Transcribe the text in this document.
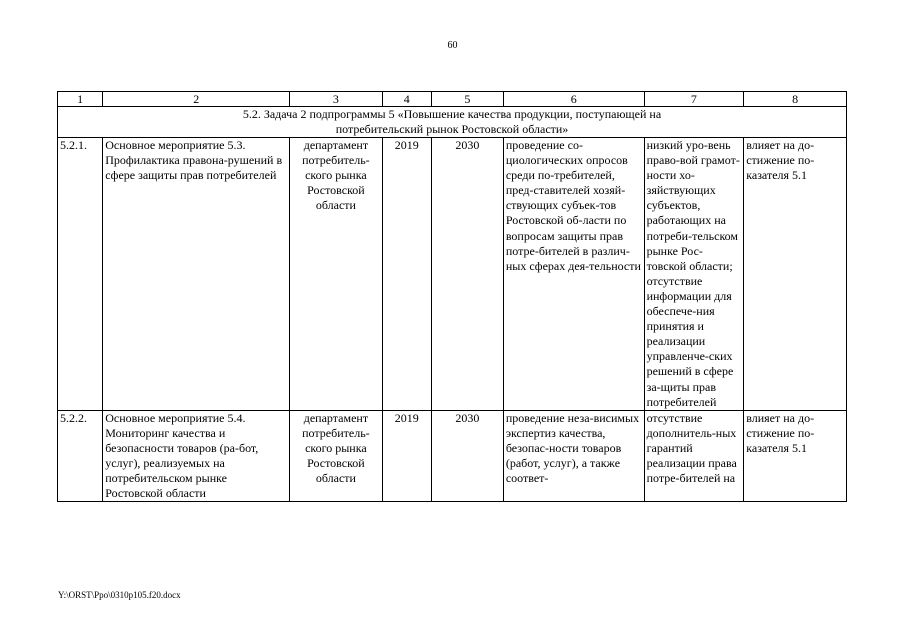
60
1	2	3	4	5	6	7	8

5.2. Задача 2 подпрограммы 5 «Повышение качества продукции, поступающей на потребительский рынок Ростовской области»							

5.2.1.	Основное мероприятие 5.3. Профилактика правона-рушений в сфере защиты прав потребителей	департамент потребитель-ского рынка Ростовской области	2019	2030	проведение со-циологических опросов среди по-требителей, пред-ставителей хозяй-ствующих субъек-тов Ростовской об-ласти по вопросам защиты прав потре-бителей в различ-ных сферах дея-тельности	низкий уро-вень право-вой грамот-ности хо-зяйствующих субъектов, работающих на потреби-тельском рынке Рос-товской области; отсутствие информации для обеспече-ния принятия и реализации управленче-ских решений в сфере за-щиты прав потребителей	влияет на до-стижение по-казателя 5.1
5.2.2.	Основное мероприятие 5.4. Мониторинг качества и безопасности товаров (ра-бот, услуг), реализуемых на потребительском рынке Ростовской области	департамент потребитель-ского рынка Ростовской области	2019	2030	проведение неза-висимых экспертиз качества, безопас-ности товаров (работ, услуг), а также соответ-	отсутствие дополнитель-ных гарантий реализации права потре-бителей на	влияет на до-стижение по-казателя 5.1
Y:\ORST\Ppo\0310p105.f20.docx
